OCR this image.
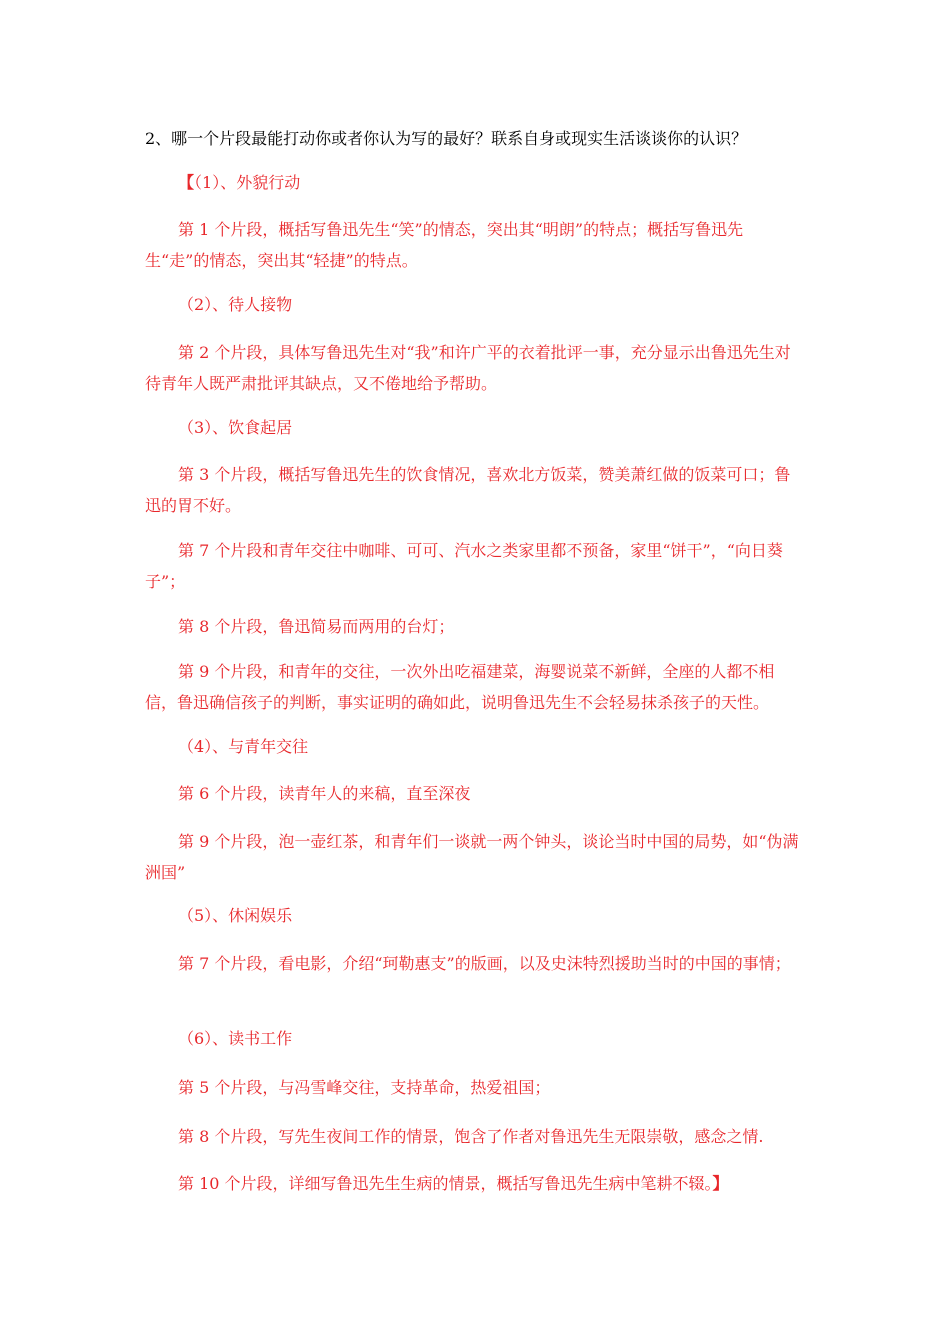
2、哪一个片段最能打动你或者你认为写的最好？联系自身或现实生活谈谈你的认识？
【（1）、外貌行动
第 1 个片段，概括写鲁迅先生“笑”的情态，突出其“明朗”的特点；概括写鲁迅先生“走”的情态，突出其“轻捷”的特点。
（2）、待人接物
第 2 个片段，具体写鲁迅先生对“我”和许广平的衣着批评一事，充分显示出鲁迅先生对待青年人既严肃批评其缺点，又不倦地给予帮助。
（3）、饮食起居
第 3 个片段，概括写鲁迅先生的饮食情况，喜欢北方饭菜，赞美萧红做的饭菜可口；鲁迅的胃不好。
第 7 个片段和青年交往中咖啡、可可、汽水之类家里都不预备，家里“饼干”，“向日葵子”；
第 8 个片段，鲁迅简易而两用的台灯；
第 9 个片段，和青年的交往，一次外出吃福建菜，海婴说菜不新鲜，全座的人都不相信，鲁迅确信孩子的判断，事实证明的确如此，说明鲁迅先生不会轻易抹杀孩子的天性。
（4）、与青年交往
第 6 个片段，读青年人的来稿，直至深夜
第 9 个片段，泡一壶红茶，和青年们一谈就一两个钟头，谈论当时中国的局势，如“伪满洲国”
（5）、休闲娱乐
第 7 个片段，看电影，介绍“珂勒惠支”的版画，以及史沫特烈援助当时的中国的事情；
（6）、读书工作
第 5 个片段，与冯雪峰交往，支持革命，热爱祖国；
第 8 个片段，写先生夜间工作的情景，饱含了作者对鲁迅先生无限崇敬，感念之情.
第 10 个片段，详细写鲁迅先生生病的情景，概括写鲁迅先生病中笔耕不辍。】
